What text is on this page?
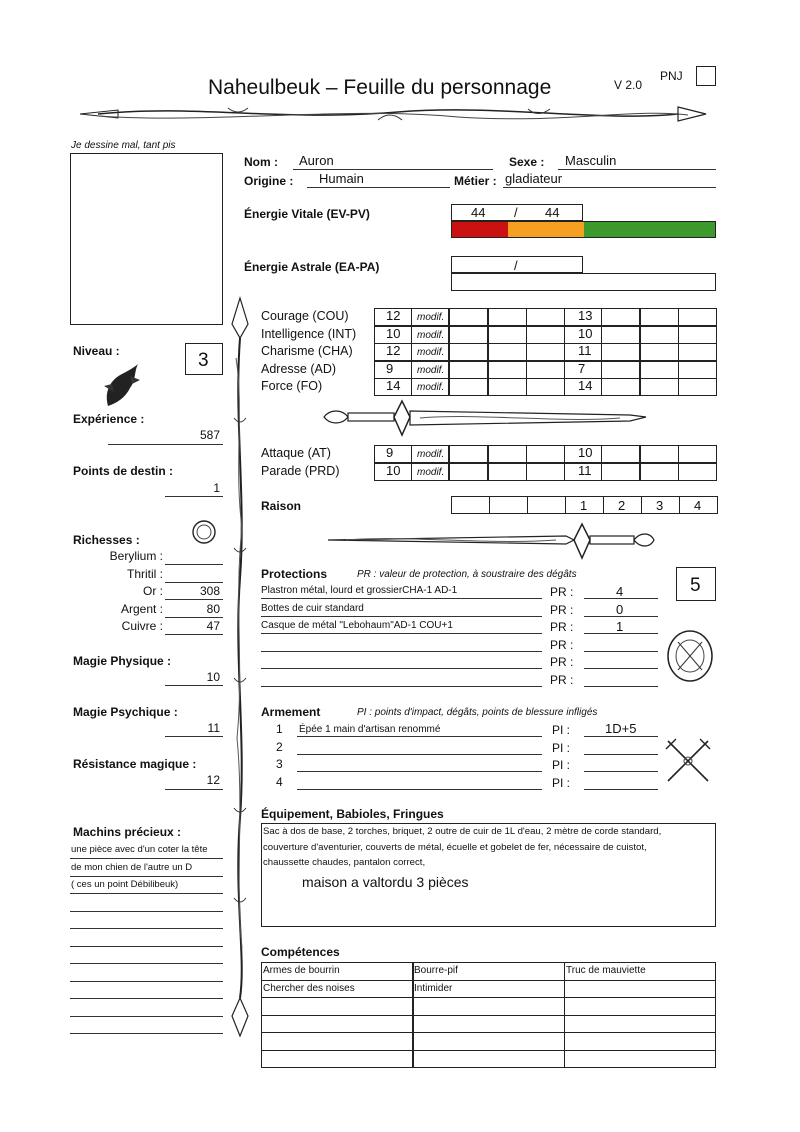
Naheulbeuk – Feuille du personnage	V 2.0
PNJ
Je dessine mal, tant pis
Niveau :	3
Expérience :
587
Points de destin :
1
Richesses :
Berylium :
Thritil :
Or :	308
Argent :	80
Cuivre :	47
Magie Physique :
10
Magie Psychique :
11
Résistance magique :
12
Machins précieux :
une pièce avec d'un coter la tête
de mon chien de l'autre un D
( ces un point Débilibeuk)
Nom : Auron	Sexe : Masculin
Origine : Humain	Métier : gladiateur
Énergie Vitale (EV-PV)	44 / 44
Énergie Astrale (EA-PA)	/
Courage (COU)	12 modif.	13
Intelligence (INT) 10 modif.	10
Charisme (CHA)	12 modif.	11
Adresse (AD)	9 modif.	7
Force (FO)	14 modif.	14
Attaque (AT)	9 modif.	10
Parade (PRD)	10 modif.	11
Raison	1 2 3 4
Protections	PR : valeur de protection, à soustraire des dégâts
5
Plastron métal, lourd et grossierCHA-1 AD-1	PR :	4
Bottes de cuir standard	PR :	0
Casque de métal "Lebohaum"AD-1 COU+1	PR :	1
PR :
PR :
PR :
Armement	PI : points d'impact, dégâts, points de blessure infligés
1 Épée 1 main d'artisan renommé	PI :	1D+5
2	PI :
3	PI :
4	PI :
Équipement, Babioles, Fringues
Sac à dos de base, 2 torches, briquet, 2 outre de cuir de 1L d'eau, 2 mètre de corde standard,
couverture d'aventurier, couverts de métal, écuelle et gobelet de fer, nécessaire de cuistot,
chaussette chaudes, pantalon correct,
maison a valtordu 3 pièces
Compétences
Armes de bourrin	Bourre-pif	Truc de mauviette
Chercher des noises	Intimider
